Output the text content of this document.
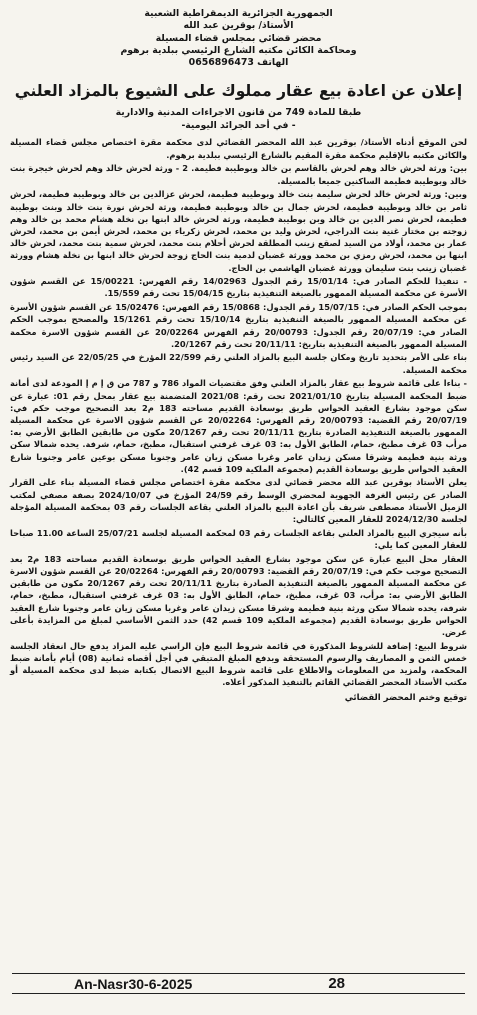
الجمهورية الجزائرية الديمقراطية الشعبية
الأستاذ/ بوقرين عبد الله
محضر قضائي بمجلس قضاء المسيلة
ومحاكمة الكائن مكتبه الشارع الرئيسي ببلدية برهوم
الهاتف 0656896473
إعلان عن اعادة بيع عقار مملوك على الشيوع بالمزاد العلني
طبقا للمادة 749 من قانون الاجراءات المدنية والادارية
- في أحد الجرائد اليومية-

لحن الموقع أدناه الأستاذ/ بوقرين عبد الله المحضر القضائي لدى محكمة مقرة اختصاص مجلس قضاء المسيلة والكائن مكتبه بالإقليم محكمة مقرة المقيم بالشارع الرئيسي ببلدية برهوم.

بين: ورثة لحرش خالد وهم لحرش بالقاسم بن خالد وبوطيبة فطيمة. 2 - ورثة لحرش خالد وهم لحرش خيجرة بنت خالد وبوطيبة فطيمة الساكنين جميعا بالمسيلة.

وبين: ورثة لحرش خالد لحرش سليمة بنت خالد وبوطيبة فطيمة، لحرش عزالدين بن خالد وبوطيبة فطيمة، لحرش ثامر بن خالد وبوطيبة فطيمة، لحرش جمال بن خالد وبوطيبة فطيمة، ورثة لحرش نورة بنت خالد وبنت بوطيبة فطيمة، لحرش نصر الدين بن خالد وبن بوطيبة فطيمة، ورثة لحرش خالد ابنها بن نخلة هشام محمد بن خالد وهم زوجته بن مختار غنية بنت الدراجي، لحرش وليد بن محمد، لحرش زكرياء بن محمد، لحرش أيمن بن محمد، لحرش عمار بن محمد، أولاد من السيد لصقع زينب المطلقة لحرش أحلام بنت محمد، لحرش سمية بنت محمد، لحرش خالد ابنها بن محمد، لحرش رمزي بن محمد وورثة غضبان لدمية بنت الحاج زوجة لحرش خالد ابنها بن نخلة هشام وورثة غضبان زينب بنت سليمان وورثة غضبان الهاشمي بن الحاج.

- تنفيذا للحكم الصادر في: 15/01/14 رقم الجدول 14/02963 رقم الفهرس: 15/00221 عن القسم شؤون الأسرة عن محكمة المسيلة الممهور بالصيغة التنفيذية بتاريخ 15/04/15 تحت رقم 15/559.

بموجب الحكم الصادر في: 15/07/15 رقم الجدول: 15/0868 رقم الفهرس: 15/02476 عن القسم شؤون الأسرة عن محكمة المسيلة الممهور بالصيغة التنفيذية بتاريخ 15/10/14 تحت رقم 15/1261 والمصحح بموجب الحكم الصادر في: 20/07/19 رقم الجدول: 20/00793 رقم الفهرس 20/02264 عن القسم شؤون الاسرة محكمة المسيلة الممهور بالصيغة التنفيذية بتاريخ: 20/11/11 تحت رقم 20/1267.

بناء على الأمر بتحديد تاريخ ومكان جلسة البيع بالمزاد العلني رقم 22/599 المؤرخ في 22/05/25 عن السيد رئيس محكمة المسيلة.

- بناءا على قائمة شروط بيع عقار بالمزاد العلني وفق مقتضيات المواد 786 و 787 من ق إ م إ المودعة لدى أمانة ضبط المحكمة المسيلة بتاريخ 2021/01/10 تحت رقم: 2021/08 المتضمنة بيع عقار بمحل رقم 01: عبارة عن سكن موجود بشارع العقيد الحواس طريق بوسعادة القديم مساحته 183 م2 بعد التصحيح موجب حكم في: 20/07/19 رقم القضية: 20/00793 رقم الفهرس: 20/02264 عن القسم شؤون الاسرة عن محكمة المسيلة الممهور بالصيغة التنفيذية الصادرة بتاريخ 20/11/11 تحت رقم 20/1267 مكون من طابقين الطابق الأرضي به: مرأب 03 غرف مطبخ، حمام، الطابق الأول به: 03 غرف غرفتي استقبال، مطبخ، حمام، شرفة. يحده شمالا سكن ورثة بنية فطيمة وشرقا مسكن زيدان عامر وغربا مسكن زيان عامر وجنوبا مسكن بوعين عامر وجنوبا شارع العقيد الحواس طريق بوسعادة القديم (مجموعة الملكية 109 قسم 42).

يعلن الأستاذ بوقرين عبد الله محضر قضائي لدى محكمة مقرة اختصاص مجلس قضاء المسيلة بناء على القرار الصادر عن رئيس الغرفة الجهوية لمحضري الوسط رقم 24/59 المؤرخ في 2024/10/07 بصفة مصفي لمكتب الزميل الأستاذ مصطفى شريف بأن اعادة البيع بالمزاد العلني بقاعة الجلسات رقم 03 بمحكمة المسيلة المؤجلة لجلسة 2024/12/30 للعقار المعين كالتالي:

بأنه سيجري البيع بالمزاد العلني بقاعة الجلسات رقم 03 لمحكمة المسيلة لجلسة 25/07/21 الساعة 11.00 صباحا للعقار المعين كما يلي:

العقار محل البيع عبارة عن سكن موجود بشارع العقيد الحواس طريق بوسعادة القديم مساحته 183 م2 بعد التصحيح موجب حكم في: 20/07/19 رقم القضية: 20/00793 رقم الفهرس: 20/02264 عن القسم شؤون الاسرة عن محكمة المسيلة الممهور بالصيغة التنفيذية الصادرة بتاريخ 20/11/11 تحت رقم 20/1267 مكون من طابقين الطابق الأرضي به: مرأب، 03 غرف، مطبخ، حمام، الطابق الأول به: 03 غرف غرفتي استقبال، مطبخ، حمام، شرفة، يحده شمالا سكن ورثة بنية فطيمة وشرقا مسكن زيدان عامر وغربا مسكن زيان عامر وجنوبا شارع العقيد الحواس طريق بوسعادة القديم (مجموعة الملكية 109 قسم 42) حدد الثمن الأساسي لمبلغ من المزايدة بأعلى عرض.

شروط البيع: إضافة للشروط المذكورة في قائمة شروط البيع فإن الراسي عليه المزاد يدفع حال انعقاد الجلسة خمس الثمن و المصاريف والرسوم المستحقة ويدفع المبلغ المتبقي في أجل أقصاه ثمانية (08) أيام بأمانة ضبط المحكمة، ولمزيد من المعلومات والاطلاع على قائمة شروط البيع الاتصال بكتابة ضبط لدى محكمة المسيلة أو مكتب الأستاذ المحضر القضائي القائم بالتنفيذ المذكور أعلاه.

توقيع وختم المحضر القضائي
An-Nasr30-6-2025	28
